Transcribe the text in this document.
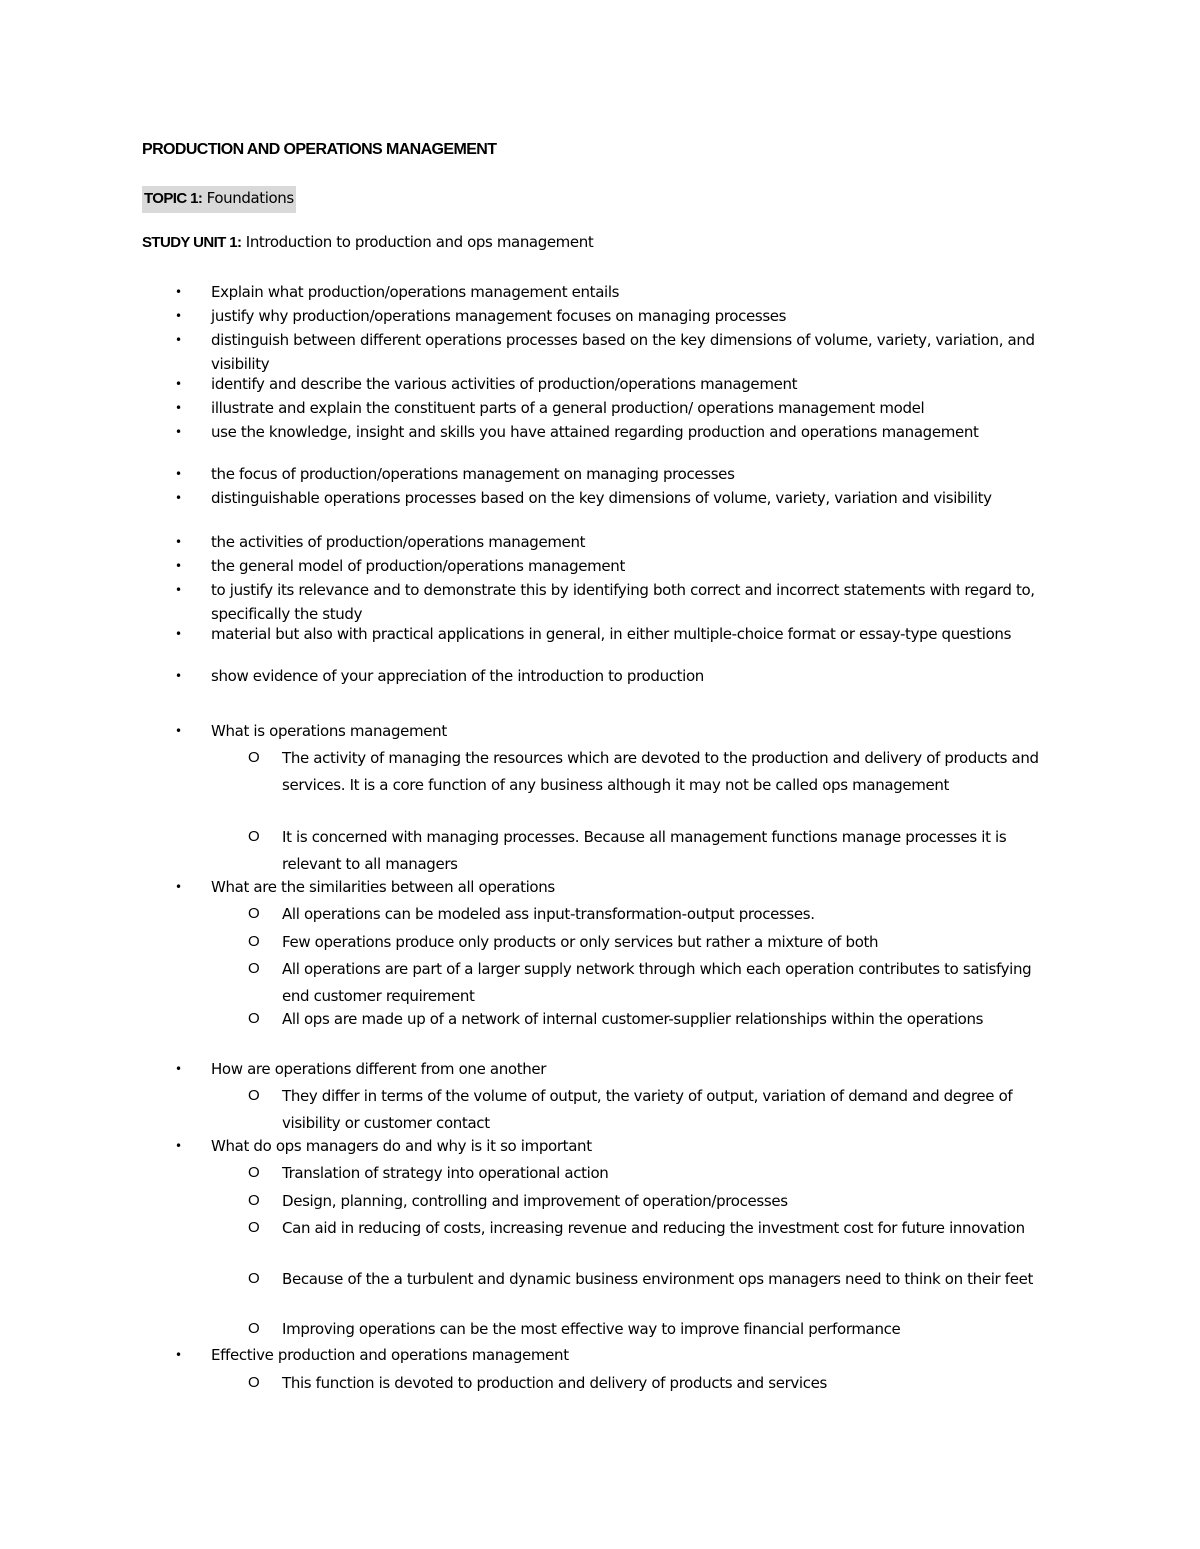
PRODUCTION AND OPERATIONS MANAGEMENT
TOPIC 1: Foundations
STUDY UNIT 1: Introduction to production and ops management
• Explain what production/operations management entails
• justify why production/operations management focuses on managing processes
• distinguish between different operations processes based on the key dimensions of volume, variety, variation, and visibility
• identify and describe the various activities of production/operations management
• illustrate and explain the constituent parts of a general production/ operations management model
• use the knowledge, insight and skills you have attained regarding production and operations management
• the focus of production/operations management on managing processes
• distinguishable operations processes based on the key dimensions of volume, variety, variation and visibility
• the activities of production/operations management
• the general model of production/operations management
• to justify its relevance and to demonstrate this by identifying both correct and incorrect statements with regard to, specifically the study
• material but also with practical applications in general, in either multiple-choice format or essay-type questions
• show evidence of your appreciation of the introduction to production
• What is operations management
O The activity of managing the resources which are devoted to the production and delivery of products and services. It is a core function of any business although it may not be called ops management
O It is concerned with managing processes. Because all management functions manage processes it is relevant to all managers
• What are the similarities between all operations
O All operations can be modeled ass input-transformation-output processes.
O Few operations produce only products or only services but rather a mixture of both
O All operations are part of a larger supply network through which each operation contributes to satisfying end customer requirement
O All ops are made up of a network of internal customer-supplier relationships within the operations
• How are operations different from one another
O They differ in terms of the volume of output, the variety of output, variation of demand and degree of visibility or customer contact
• What do ops managers do and why is it so important
O Translation of strategy into operational action
O Design, planning, controlling and improvement of operation/processes
O Can aid in reducing of costs, increasing revenue and reducing the investment cost for future innovation
O Because of the a turbulent and dynamic business environment ops managers need to think on their feet
O Improving operations can be the most effective way to improve financial performance
• Effective production and operations management
O This function is devoted to production and delivery of products and services
